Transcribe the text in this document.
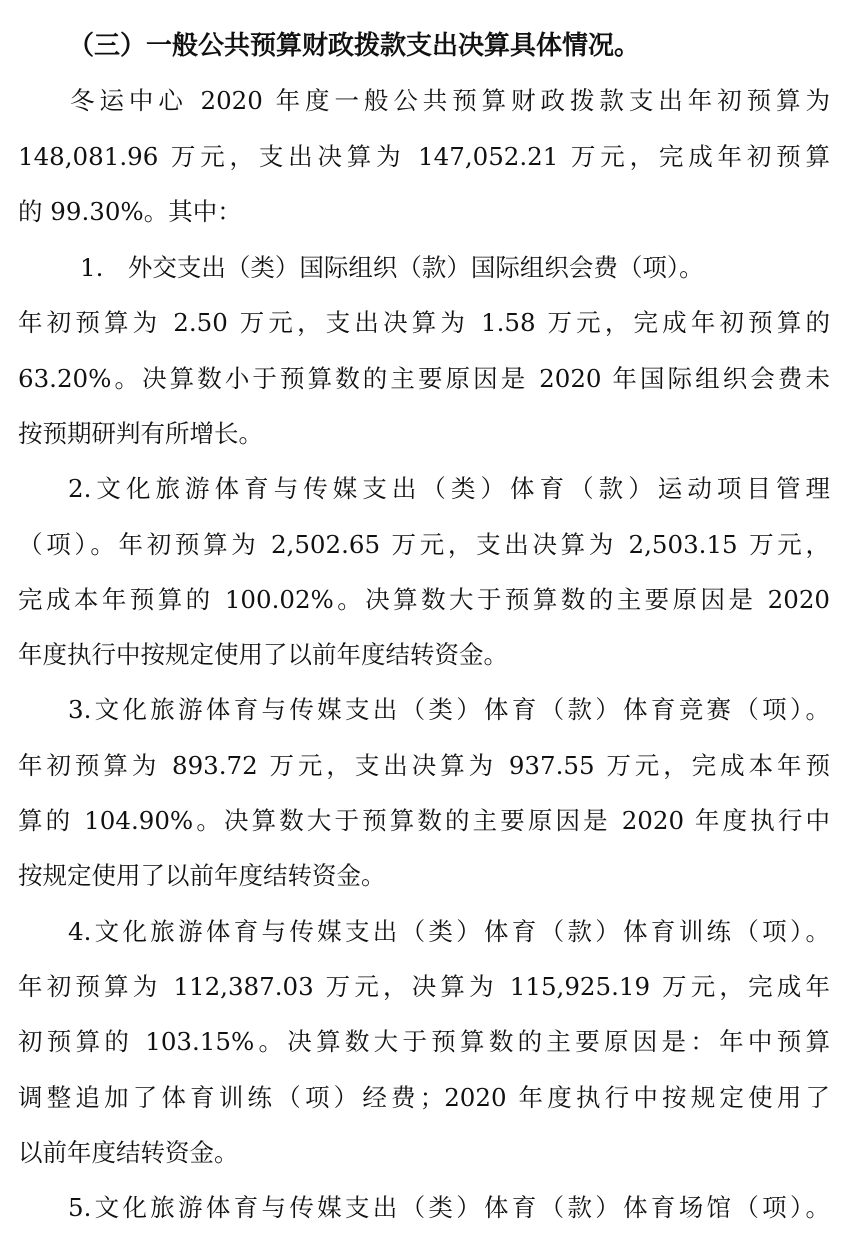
（三）一般公共预算财政拨款支出决算具体情况。
冬运中心 2020 年度一般公共预算财政拨款支出年初预算为
148,081.96 万元，支出决算为 147,052.21 万元，完成年初预算
的 99.30%。其中：
1.　外交支出（类）国际组织（款）国际组织会费（项）。
年初预算为 2.50 万元，支出决算为 1.58 万元，完成年初预算的
63.20%。决算数小于预算数的主要原因是 2020 年国际组织会费未
按预期研判有所增长。
2.文化旅游体育与传媒支出（类）体育（款）运动项目管理
（项）。年初预算为 2,502.65 万元，支出决算为 2,503.15 万元，
完成本年预算的 100.02%。决算数大于预算数的主要原因是 2020
年度执行中按规定使用了以前年度结转资金。
3.文化旅游体育与传媒支出（类）体育（款）体育竞赛（项）。
年初预算为 893.72 万元，支出决算为 937.55 万元，完成本年预
算的 104.90%。决算数大于预算数的主要原因是 2020 年度执行中
按规定使用了以前年度结转资金。
4.文化旅游体育与传媒支出（类）体育（款）体育训练（项）。
年初预算为 112,387.03 万元，决算为 115,925.19 万元，完成年
初预算的 103.15%。决算数大于预算数的主要原因是：年中预算
调整追加了体育训练（项）经费；2020 年度执行中按规定使用了
以前年度结转资金。
5.文化旅游体育与传媒支出（类）体育（款）体育场馆（项）。
